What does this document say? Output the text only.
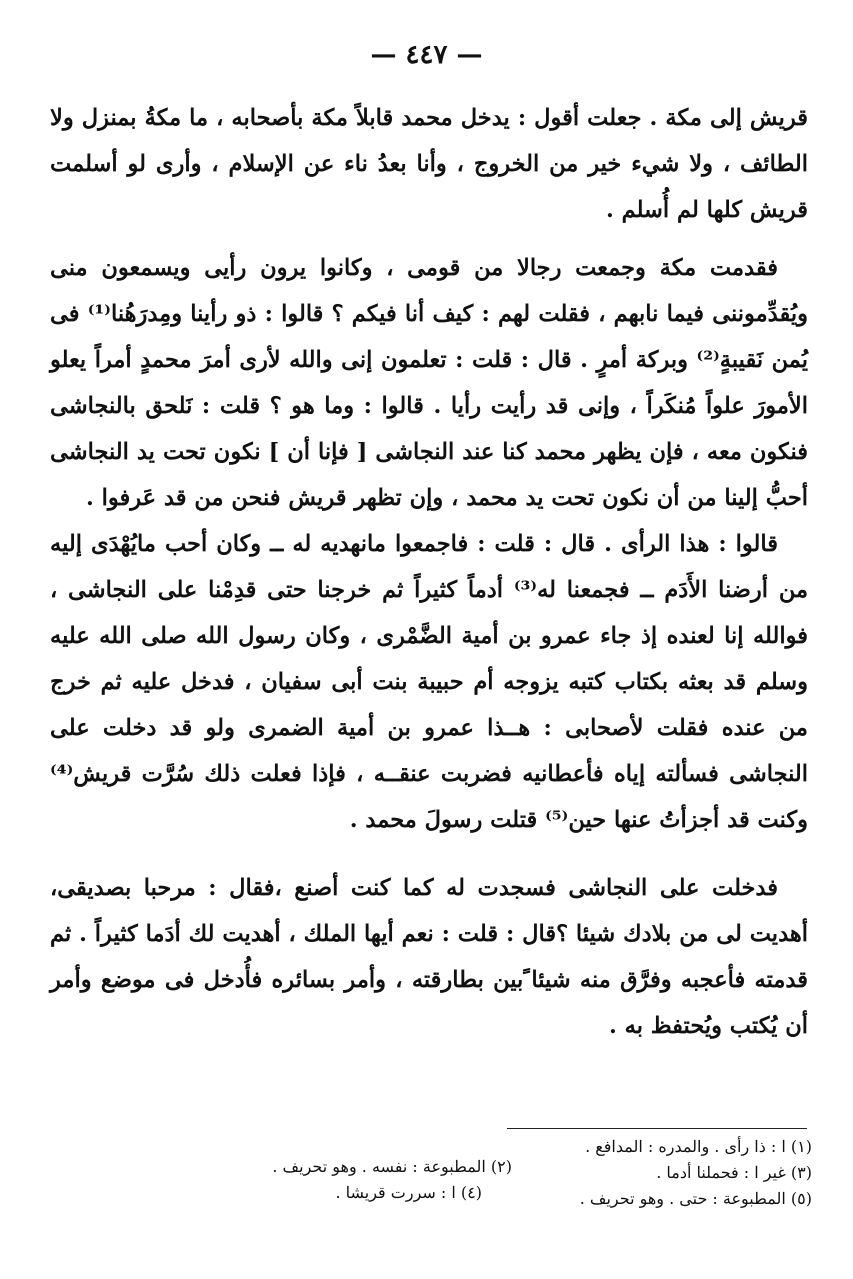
— ٤٤٧ —

قريش إلى مكة . جعلت أقول : يدخل محمد قابلاً مكة بأصحابه ، ما مكةُ بمنزل ولا الطائف ، ولا شيء خير من الخروج ، وأنا بعدُ ناء عن الإسلام ، وأرى لو أسلمت قريش كلها لم أُسلم .

فقدمت مكة وجمعت رجالا من قومى ، وكانوا يرون رأيى ويسمعون منى ويُقدِّموننى فيما نابهم ، فقلت لهم : كيف أنا فيكم ؟ قالوا : ذو رأينا ومِدرَهُنا⁽¹⁾ فى يُمن نَقيبةٍ⁽²⁾ وبركة أمرٍ . قال : قلت : تعلمون إنى والله لأرى أمرَ محمدٍ أمراً يعلو الأمورَ علواً مُنكَراً ، وإنى قد رأيت رأيا . قالوا : وما هو ؟ قلت : نَلحق بالنجاشى فنكون معه ، فإن يظهر محمد كنا عند النجاشى [ فإنا أن ] نكون تحت يد النجاشى أحبُّ إلينا من أن نكون تحت يد محمد ، وإن تظهر قريش فنحن من قد عَرفوا .

قالوا : هذا الرأى . قال : قلت : فاجمعوا مانهديه له ــ وكان أحب مايُهْدَى إليه من أرضنا الأَدَم ــ فجمعنا له⁽³⁾ أدماً كثيراً ثم خرجنا حتى قدِمْنا على النجاشى ، فوالله إنا لعنده إذ جاء عمرو بن أمية الضَّمْرى ، وكان رسول الله صلى الله عليه وسلم قد بعثه بكتاب كتبه يزوجه أم حبيبة بنت أبى سفيان ، فدخل عليه ثم خرج من عنده فقلت لأصحابى : هــذا عمرو بن أمية الضمرى ولو قد دخلت على النجاشى فسألته إياه فأعطانيه فضربت عنقــه ، فإذا فعلت ذلك سُرَّت قريش⁽⁴⁾ وكنت قد أجزأتُ عنها حين⁽⁵⁾ قتلت رسولَ محمد .

فدخلت على النجاشى فسجدت له كما كنت أصنع ،فقال : مرحبا بصديقى، أهديت لى من بلادك شيئا ؟قال : قلت : نعم أيها الملك ، أهديت لك أدَما كثيراً . ثم قدمته فأعجبه وفرَّق منه شيئا ًبين بطارقته ، وأمر بسائره فأُدخل فى موضع وأمر أن يُكتب ويُحتفظ به .

(١) ا : ذا رأى . والمدره : المدافع .
(٢) المطبوعة : نفسه . وهو تحريف .	(٣) غير ا : فحملنا أدما .
(٤) ا : سررت قريشا .	(٥) المطبوعة : حتى . وهو تحريف .
